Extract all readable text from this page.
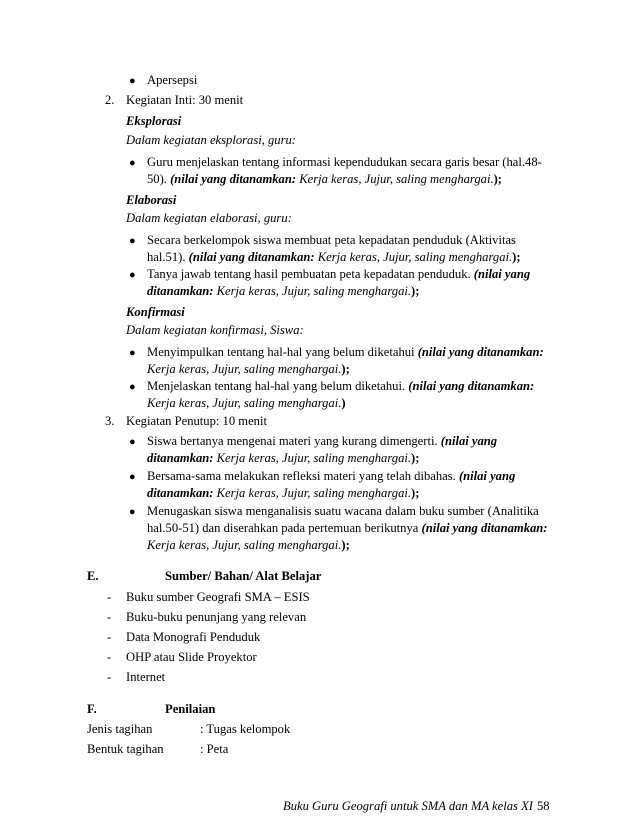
● Apersepsi
2. Kegiatan Inti: 30 menit
Eksplorasi
Dalam kegiatan eksplorasi, guru:
● Guru menjelaskan tentang informasi kependudukan secara garis besar (hal.48-
50). (nilai yang ditanamkan: Kerja keras, Jujur, saling menghargai.);
Elaborasi
Dalam kegiatan elaborasi, guru:
● Secara berkelompok siswa membuat peta kepadatan penduduk (Aktivitas
hal.51). (nilai yang ditanamkan: Kerja keras, Jujur, saling menghargai.);
● Tanya jawab tentang hasil pembuatan peta kepadatan penduduk. (nilai yang
ditanamkan: Kerja keras, Jujur, saling menghargai.);
Konfirmasi
Dalam kegiatan konfirmasi, Siswa:
● Menyimpulkan tentang hal-hal yang belum diketahui (nilai yang ditanamkan:
Kerja keras, Jujur, saling menghargai.);
● Menjelaskan tentang hal-hal yang belum diketahui. (nilai yang ditanamkan:
Kerja keras, Jujur, saling menghargai.)
3. Kegiatan Penutup: 10 menit
● Siswa bertanya mengenai materi yang kurang dimengerti. (nilai yang
ditanamkan: Kerja keras, Jujur, saling menghargai.);
● Bersama-sama melakukan refleksi materi yang telah dibahas. (nilai yang
ditanamkan: Kerja keras, Jujur, saling menghargai.);
● Menugaskan siswa menganalisis suatu wacana dalam buku sumber (Analitika
hal.50-51) dan diserahkan pada pertemuan berikutnya (nilai yang ditanamkan:
Kerja keras, Jujur, saling menghargai.);
E.	Sumber/ Bahan/ Alat Belajar
- Buku sumber Geografi SMA – ESIS
- Buku-buku penunjang yang relevan
- Data Monografi Penduduk
- OHP atau Slide Proyektor
- Internet
F.	Penilaian
Jenis tagihan	: Tugas kelompok
Bentuk tagihan	: Peta
Buku Guru Geografi untuk SMA dan MA kelas XI 58
